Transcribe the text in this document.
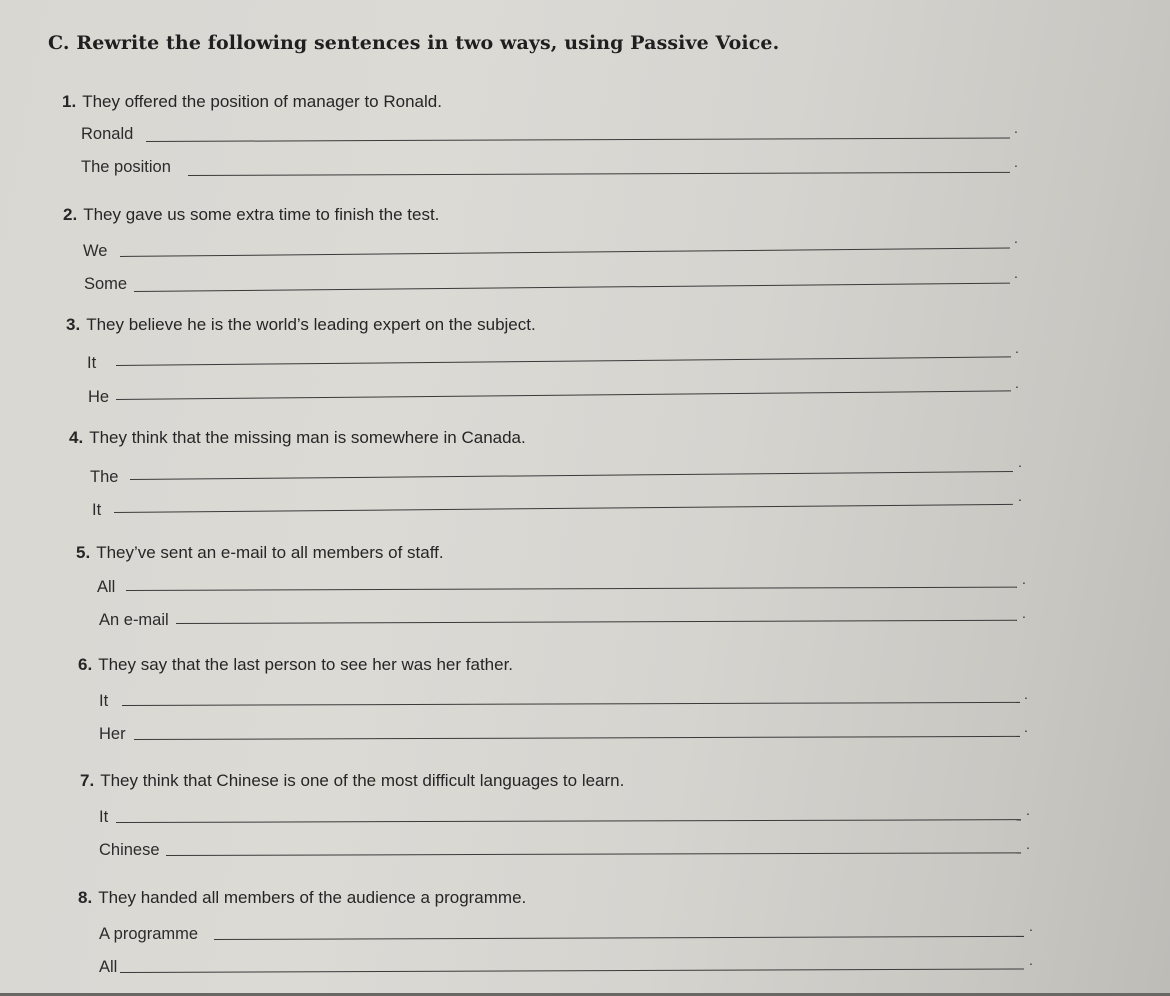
C. Rewrite the following sentences in two ways, using Passive Voice.
1. They offered the position of manager to Ronald.
Ronald	.
The position	.
2. They gave us some extra time to finish the test.
We
.
Some
.
3. They believe he is the world’s leading expert on the subject.
It
.
He
.
4. They think that the missing man is somewhere in Canada.
The
.
It
.
5. They’ve sent an e-mail to all members of staff.
All	.
An e-mail	.
6. They say that the last person to see her was her father.
It	.
Her	.
7. They think that Chinese is one of the most difficult languages to learn.
It	.
Chinese	.
8. They handed all members of the audience a programme.
A programme	.
All	.
